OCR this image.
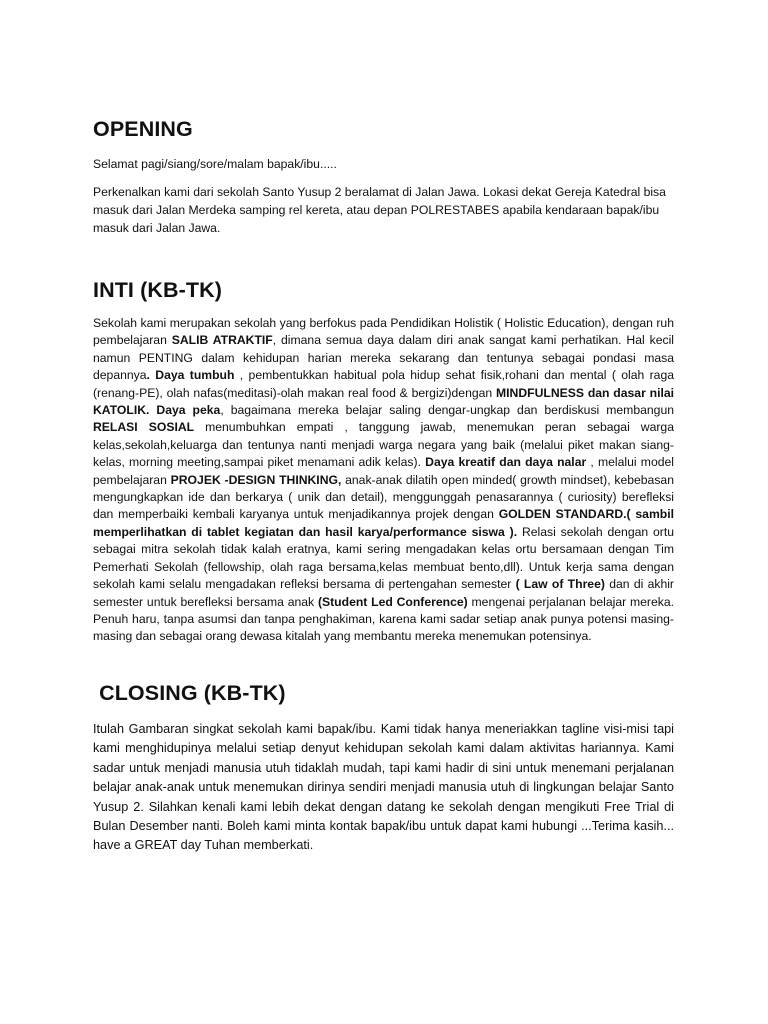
OPENING

Selamat pagi/siang/sore/malam bapak/ibu.....

Perkenalkan kami dari sekolah Santo Yusup 2 beralamat di Jalan Jawa. Lokasi dekat Gereja Katedral bisa masuk dari Jalan Merdeka samping rel kereta, atau depan POLRESTABES apabila kendaraan bapak/ibu masuk dari Jalan Jawa.

INTI (KB-TK)

Sekolah kami merupakan sekolah yang berfokus pada Pendidikan Holistik ( Holistic Education), dengan ruh pembelajaran SALIB ATRAKTIF, dimana semua daya dalam diri anak sangat kami perhatikan. Hal kecil namun PENTING dalam kehidupan harian mereka sekarang dan tentunya sebagai pondasi masa depannya. Daya tumbuh , pembentukkan habitual pola hidup sehat fisik,rohani dan mental ( olah raga (renang-PE), olah nafas(meditasi)-olah makan real food & bergizi)dengan MINDFULNESS dan dasar nilai KATOLIK. Daya peka, bagaimana mereka belajar saling dengar-ungkap dan berdiskusi membangun RELASI SOSIAL menumbuhkan empati , tanggung jawab, menemukan peran sebagai warga kelas,sekolah,keluarga dan tentunya nanti menjadi warga negara yang baik (melalui piket makan siang-kelas, morning meeting,sampai piket menamani adik kelas). Daya kreatif dan daya nalar , melalui model pembelajaran PROJEK -DESIGN THINKING, anak-anak dilatih open minded( growth mindset), kebebasan mengungkapkan ide dan berkarya ( unik dan detail), menggunggah penasarannya ( curiosity) berefleksi dan memperbaiki kembali karyanya untuk menjadikannya projek dengan GOLDEN STANDARD.( sambil memperlihatkan di tablet kegiatan dan hasil karya/performance siswa ). Relasi sekolah dengan ortu sebagai mitra sekolah tidak kalah eratnya, kami sering mengadakan kelas ortu bersamaan dengan Tim Pemerhati Sekolah (fellowship, olah raga bersama,kelas membuat bento,dll). Untuk kerja sama dengan sekolah kami selalu mengadakan refleksi bersama di pertengahan semester ( Law of Three) dan di akhir semester untuk berefleksi bersama anak (Student Led Conference) mengenai perjalanan belajar mereka. Penuh haru, tanpa asumsi dan tanpa penghakiman, karena kami sadar setiap anak punya potensi masing-masing dan sebagai orang dewasa kitalah yang membantu mereka menemukan potensinya.

CLOSING (KB-TK)

Itulah Gambaran singkat sekolah kami bapak/ibu. Kami tidak hanya meneriakkan tagline visi-misi tapi kami menghidupinya melalui setiap denyut kehidupan sekolah kami dalam aktivitas hariannya. Kami sadar untuk menjadi manusia utuh tidaklah mudah, tapi kami hadir di sini untuk menemani perjalanan belajar anak-anak untuk menemukan dirinya sendiri menjadi manusia utuh di lingkungan belajar Santo Yusup 2. Silahkan kenali kami lebih dekat dengan datang ke sekolah dengan mengikuti Free Trial di Bulan Desember nanti. Boleh kami minta kontak bapak/ibu untuk dapat kami hubungi ...Terima kasih... have a GREAT day Tuhan memberkati.
